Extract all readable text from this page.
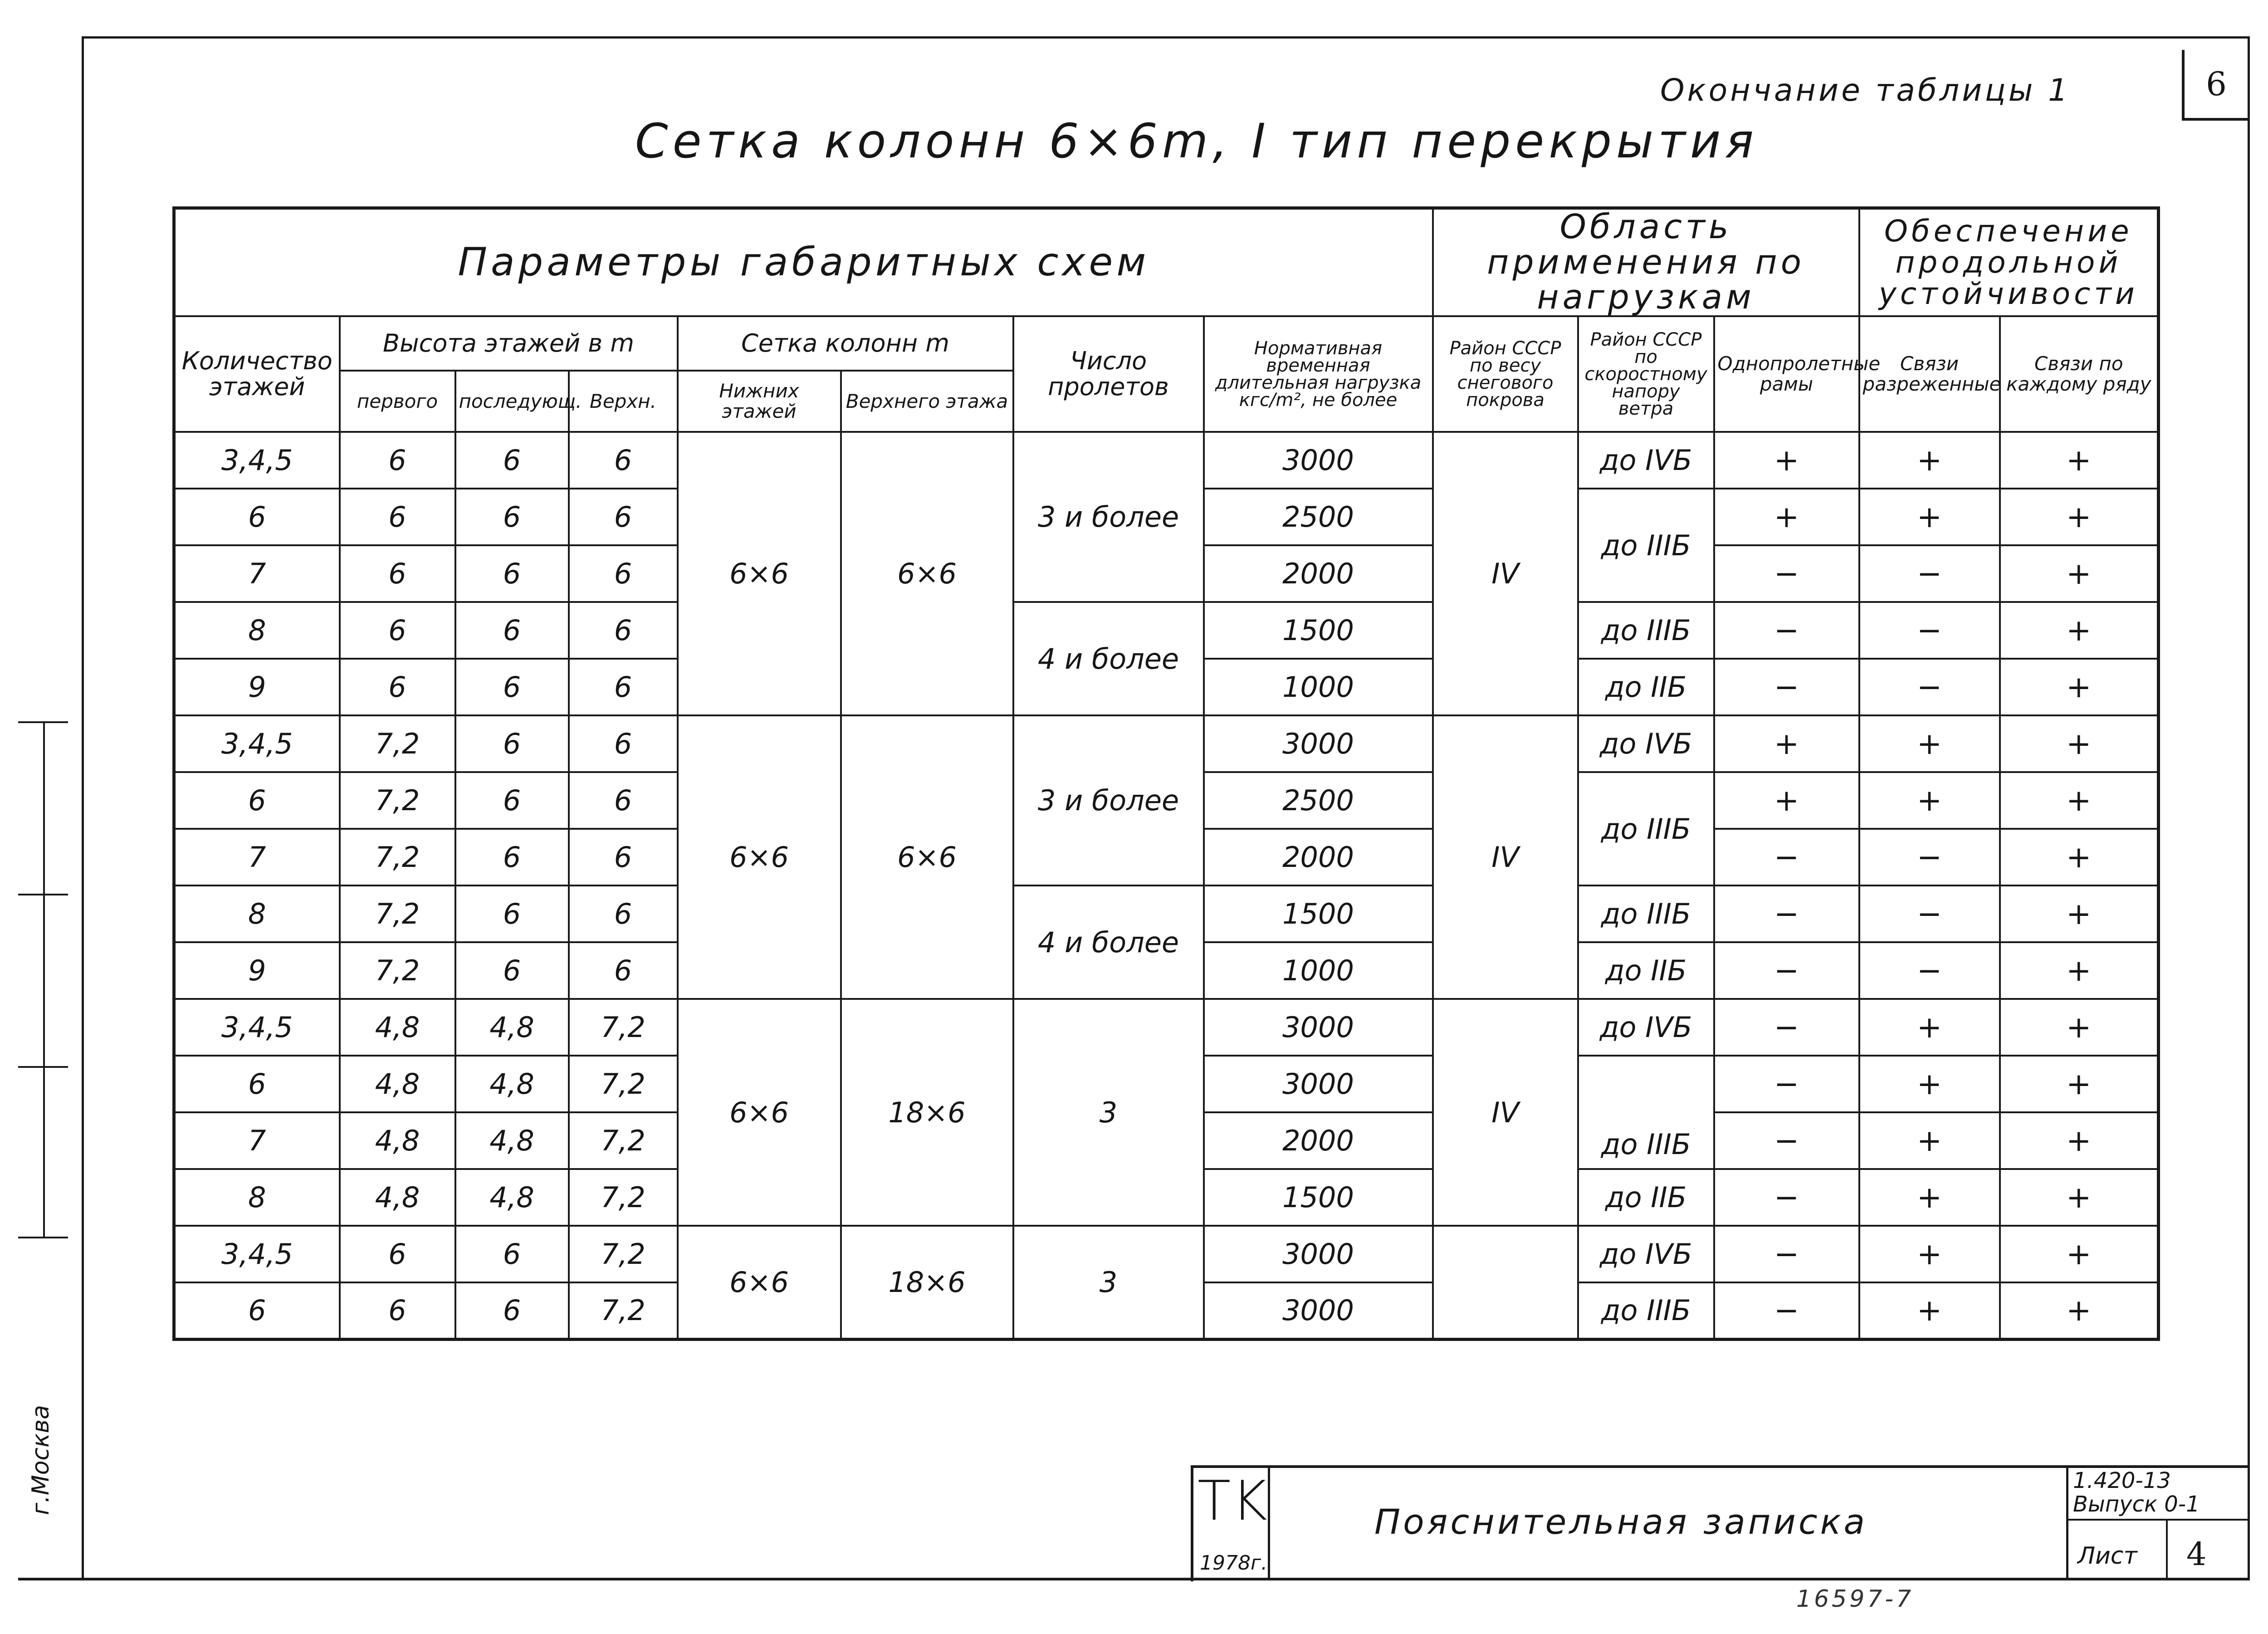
г.Москва
6
Окончание таблицы 1
Сетка колонн 6×6m, I тип перекрытия
Параметры габаритных схем								Область применения по нагрузкам			Обеспечение продольной устойчивости	
Количество этажей	Высота этажей в m			Сетка колонн m		Число пролетов	Нормативная временная длительная нагрузка кгс/m², не более	Район СССР по весу снегового покрова	Район СССР по скоростному напору ветра	Однопролетные рамы	Связи разреженные	Связи по каждому ряду
	первого	последующ.	Верхн.	Нижних этажей	Верхнего этажа							
3,4,5	6	6	6	6×6	6×6	3 и более	3000	IV	до IVБ	+	+	+
6	6	6	6				2500		до IIIБ	+	+	+
7	6	6	6				2000			−	−	+
8	6	6	6			4 и более	1500		до IIIБ	−	−	+
9	6	6	6				1000		до IIБ	−	−	+
3,4,5	7,2	6	6	6×6	6×6	3 и более	3000	IV	до IVБ	+	+	+
6	7,2	6	6				2500		до IIIБ	+	+	+
7	7,2	6	6				2000			−	−	+
8	7,2	6	6			4 и более	1500		до IIIБ	−	−	+
9	7,2	6	6				1000		до IIБ	−	−	+
3,4,5	4,8	4,8	7,2	6×6	18×6	3	3000	IV	до IVБ	−	+	+
6	4,8	4,8	7,2				3000		до IIIБ	−	+	+
7	4,8	4,8	7,2				2000			−	+	+
8	4,8	4,8	7,2				1500		до IIБ	−	+	+
3,4,5	6	6	7,2	6×6	18×6	3	3000		до IVБ	−	+	+
6	6	6	7,2				3000		до IIIБ	−	+	+
TK
1978г.
Пояснительная записка
1.420-13
Выпуск 0-1
Лист 4
16597-7
